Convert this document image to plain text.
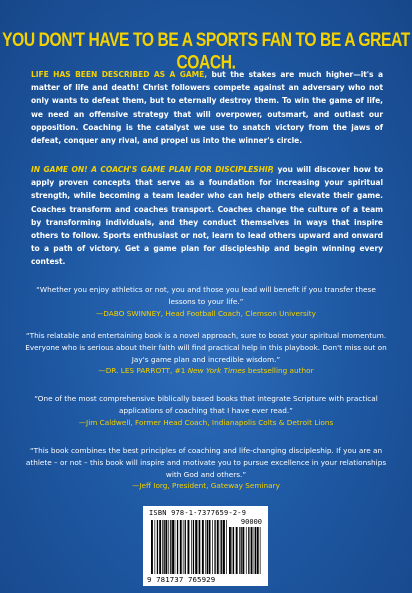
YOU DON'T HAVE TO BE A SPORTS FAN TO BE A GREAT COACH.

LIFE HAS BEEN DESCRIBED AS A GAME, but the stakes are much higher—it's a matter of life and death! Christ followers compete against an adversary who not only wants to defeat them, but to eternally destroy them. To win the game of life, we need an offensive strategy that will overpower, outsmart, and outlast our opposition. Coaching is the catalyst we use to snatch victory from the jaws of defeat, conquer any rival, and propel us into the winner's circle.

IN GAME ON! A COACH'S GAME PLAN FOR DISCIPLESHIP, you will discover how to apply proven concepts that serve as a foundation for increasing your spiritual strength, while becoming a team leader who can help others elevate their game. Coaches transform and coaches transport. Coaches change the culture of a team by transforming individuals, and they conduct themselves in ways that inspire others to follow. Sports enthusiast or not, learn to lead others upward and onward to a path of victory. Get a game plan for discipleship and begin winning every contest.

“Whether you enjoy athletics or not, you and those you lead will benefit if you transfer these lessons to your life.”
—DABO SWINNEY, Head Football Coach, Clemson University
“This relatable and entertaining book is a novel approach, sure to boost your spiritual momentum. Everyone who is serious about their faith will find practical help in this playbook. Don't miss out on Jay's game plan and incredible wisdom.”
—DR. LES PARROTT, #1 New York Times bestselling author
“One of the most comprehensive biblically based books that integrate Scripture with practical applications of coaching that I have ever read.”
—Jim Caldwell, Former Head Coach, Indianapolis Colts & Detroit Lions
“This book combines the best principles of coaching and life-changing discipleship. If you are an athlete – or not – this book will inspire and motivate you to pursue excellence in your relationships with God and others.”
—Jeff Iorg, President, Gateway Seminary
ISBN 978-1-7377659-2-9
90000
9 781737 765929
